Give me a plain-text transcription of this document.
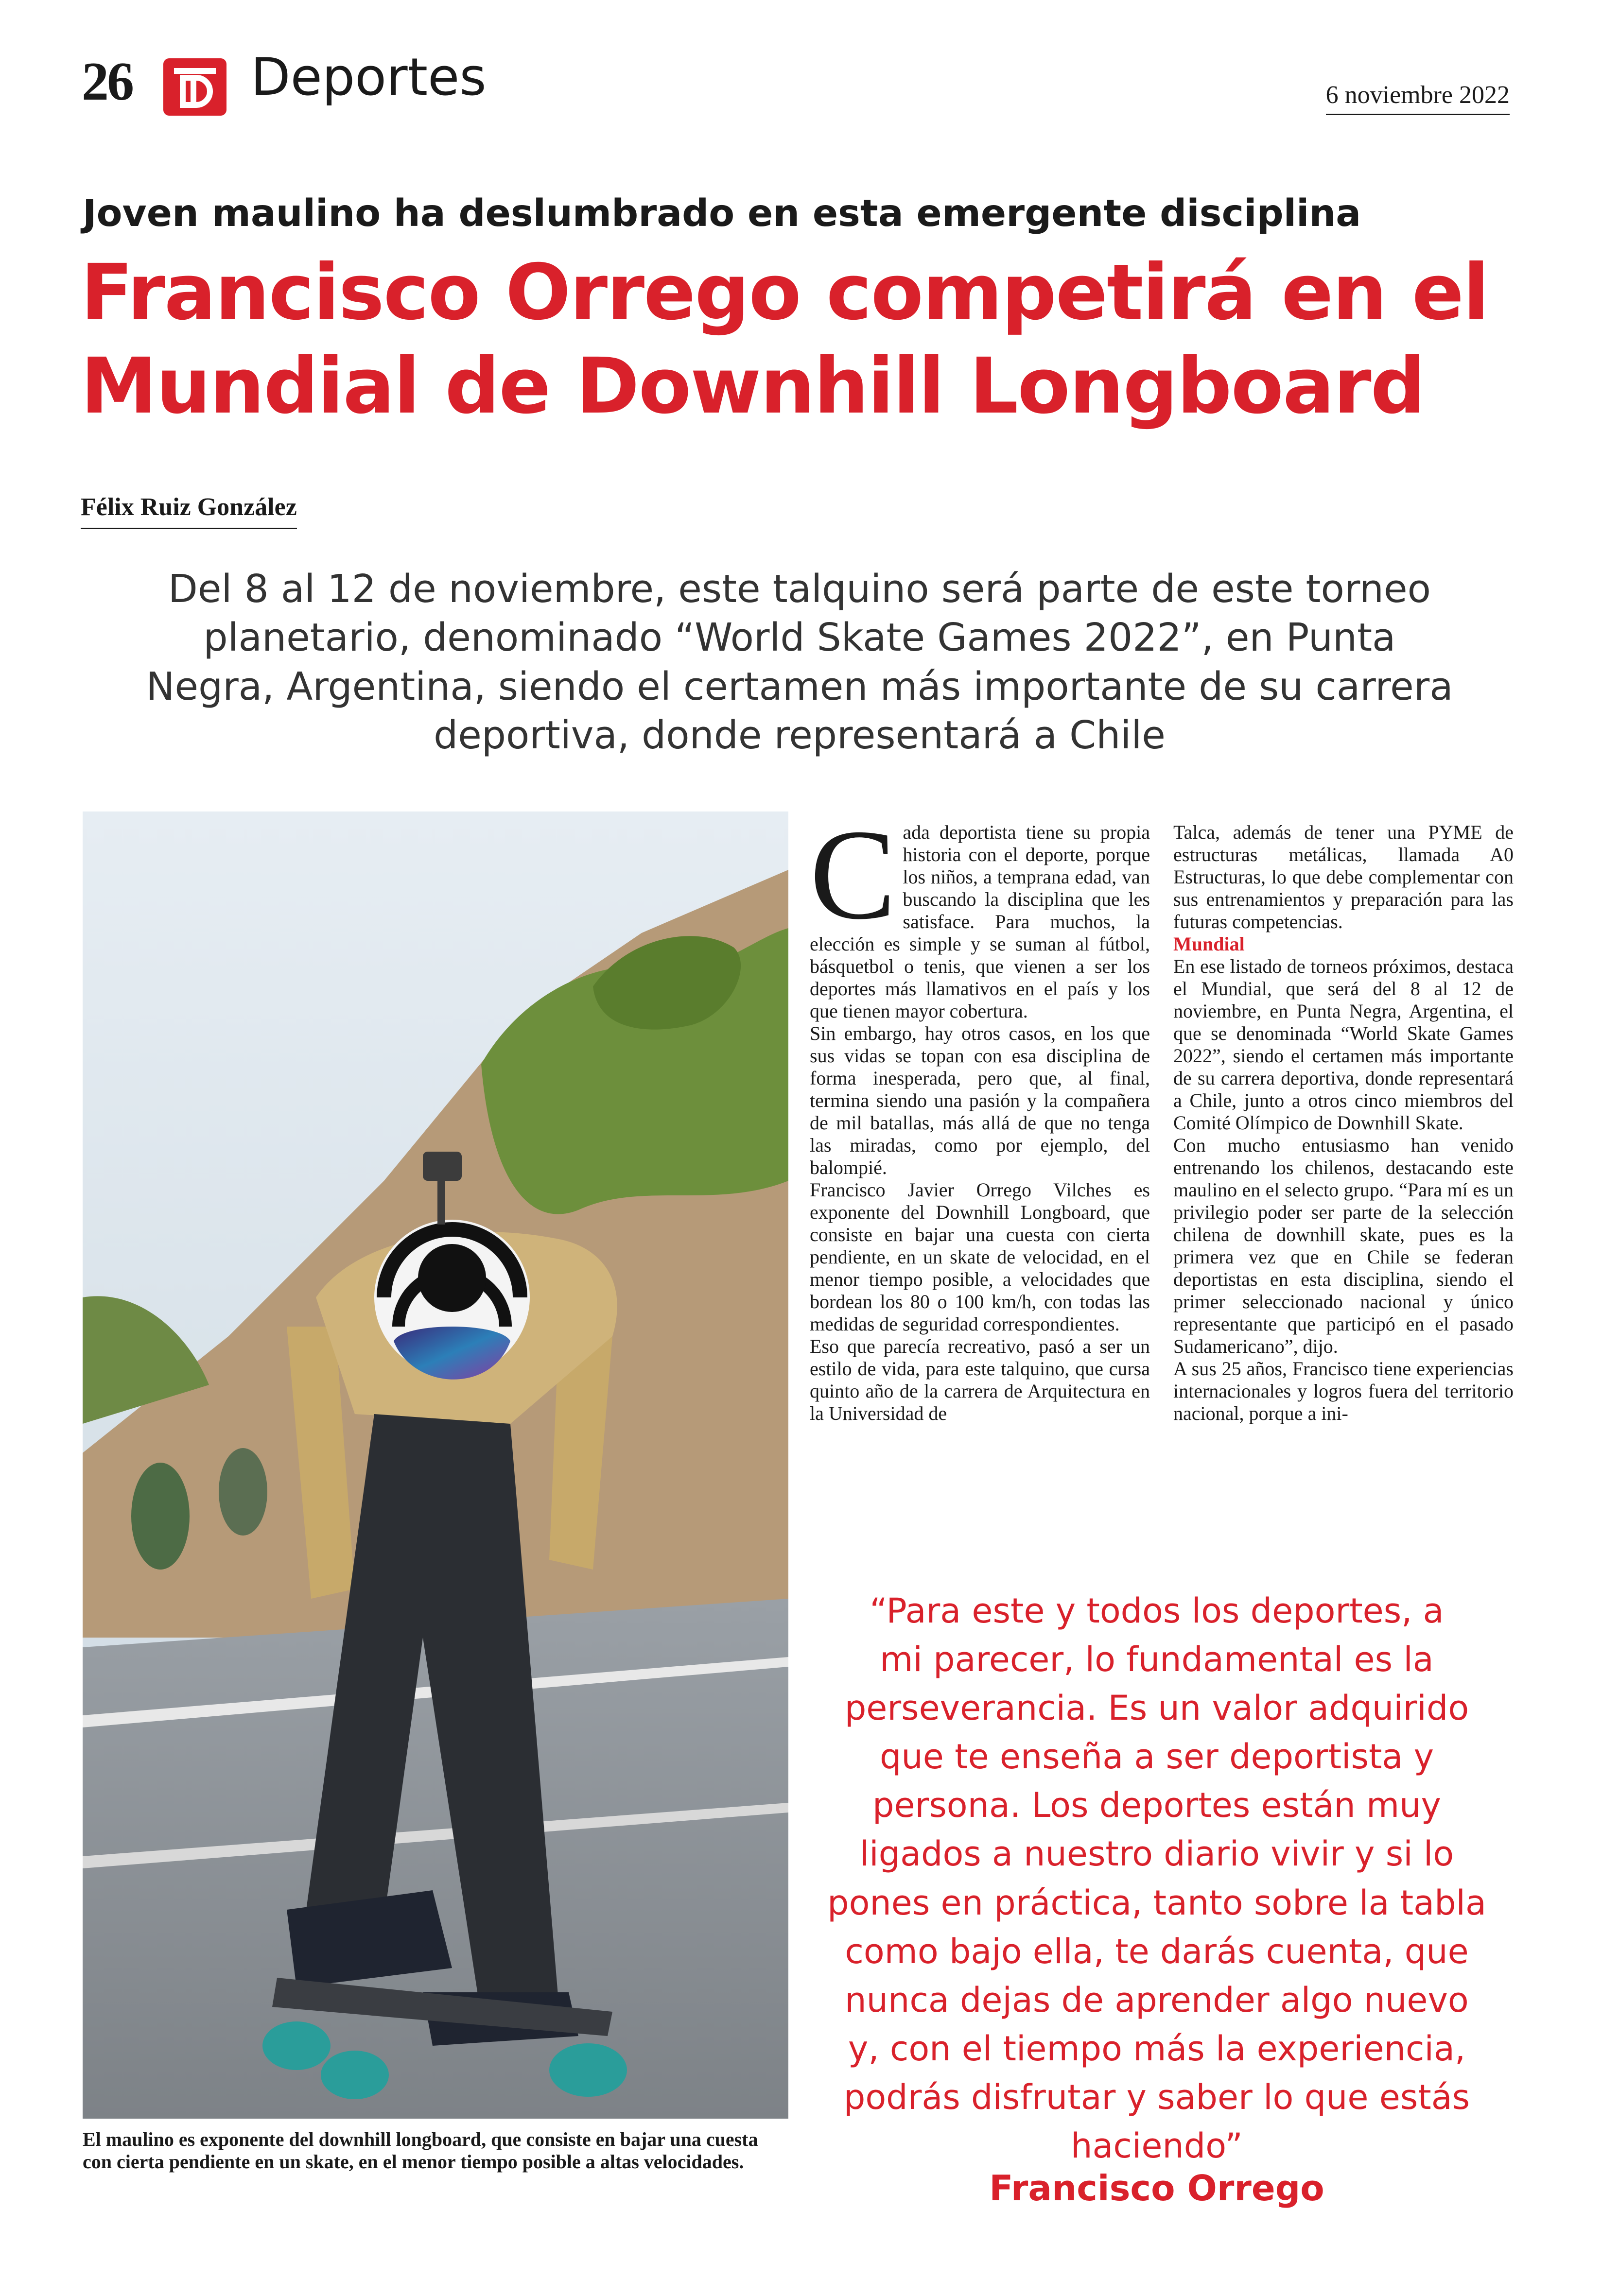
26 Deportes	6 noviembre 2022
Joven maulino ha deslumbrado en esta emergente disciplina
Francisco Orrego competirá en el
Mundial de Downhill Longboard
Félix Ruiz González
Del 8 al 12 de noviembre, este talquino será parte de este torneo
planetario, denominado “World Skate Games 2022”, en Punta
Negra, Argentina, siendo el certamen más importante de su carrera
deportiva, donde representará a Chile
El maulino es exponente del downhill longboard, que consiste en bajar una cuesta con cierta pendiente en un skate, en el menor tiempo posible a altas velocidades.
C ada deportista tiene su propia historia con el deporte, porque los niños, a temprana edad, van buscando la disciplina que les satisface. Para muchos, la elección es simple y se suman al fútbol, básquetbol o tenis, que vienen a ser los deportes más llamativos en el país y los que tienen mayor cobertura.

Sin embargo, hay otros casos, en los que sus vidas se topan con esa disciplina de forma inesperada, pero que, al final, termina siendo una pasión y la compañera de mil batallas, más allá de que no tenga las miradas, como por ejemplo, del balompié.

Francisco Javier Orrego Vilches es exponente del Downhill Longboard, que consiste en bajar una cuesta con cierta pendiente, en un skate de velocidad, en el menor tiempo posible, a velocidades que bordean los 80 o 100 km/h, con todas las medidas de seguridad correspondientes.

Eso que parecía recreativo, pasó a ser un estilo de vida, para este talquino, que cursa quinto año de la carrera de Arquitectura en la Universidad de

Talca, además de tener una PYME de estructuras metálicas, llamada A0 Estructuras, lo que debe complementar con sus entrenamientos y preparación para las futuras competencias.

Mundial

En ese listado de torneos próximos, destaca el Mundial, que será del 8 al 12 de noviembre, en Punta Negra, Argentina, el que se denominada “World Skate Games 2022”, siendo el certamen más importante de su carrera deportiva, donde representará a Chile, junto a otros cinco miembros del Comité Olímpico de Downhill Skate.

Con mucho entusiasmo han venido entrenando los chilenos, destacando este maulino en el selecto grupo. “Para mí es un privilegio poder ser parte de la selección chilena de downhill skate, pues es la primera vez que en Chile se federan deportistas en esta disciplina, siendo el primer seleccionado nacional y único representante que participó en el pasado Sudamericano”, dijo.

A sus 25 años, Francisco tiene experiencias internacionales y logros fuera del territorio nacional, porque a ini-

“Para este y todos los deportes, a
mi parecer, lo fundamental es la
perseverancia. Es un valor adquirido
que te enseña a ser deportista y
persona. Los deportes están muy
ligados a nuestro diario vivir y si lo
pones en práctica, tanto sobre la tabla
como bajo ella, te darás cuenta, que
nunca dejas de aprender algo nuevo
y, con el tiempo más la experiencia,
podrás disfrutar y saber lo que estás
haciendo”
Francisco Orrego
